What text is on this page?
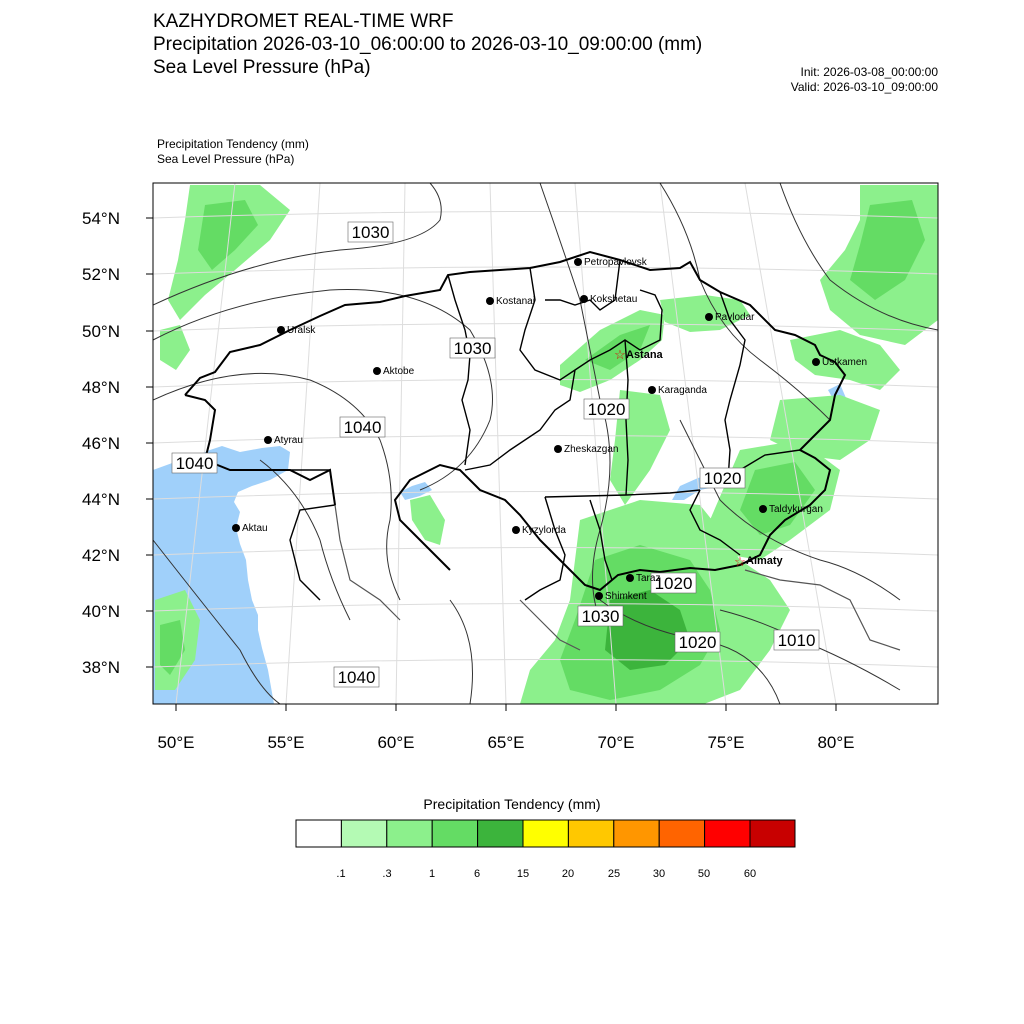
KAZHYDROMET REAL-TIME WRF
Precipitation 2026-03-10_06:00:00 to 2026-03-10_09:00:00 (mm)
Sea Level Pressure (hPa)	Init: 2026-03-08_00:00:00
Valid: 2026-03-10_09:00:00
Precipitation Tendency (mm)
Sea Level Pressure (hPa)
54°N
52°N
50°N
48°N
46°N
44°N
42°N
40°N
38°N
50°E	55°E	60°E	65°E	70°E	75°E	80°E
1030
1030
1040
1040
1020
1020
1020
1030
1020	1010
1040
Petropavlovsk
Kostanai	Kokshetau
Pavlodar
Uralsk
☆ Astana
Ustkamen
Aktobe
Karaganda
Atyrau
Zheskazgan
Aktau	Kyzylorda
Taldykurgan
☆ Almaty
Taraz
Shimkent
Precipitation Tendency (mm)
.1	.3	1	6	15	20	25	30	50	60
